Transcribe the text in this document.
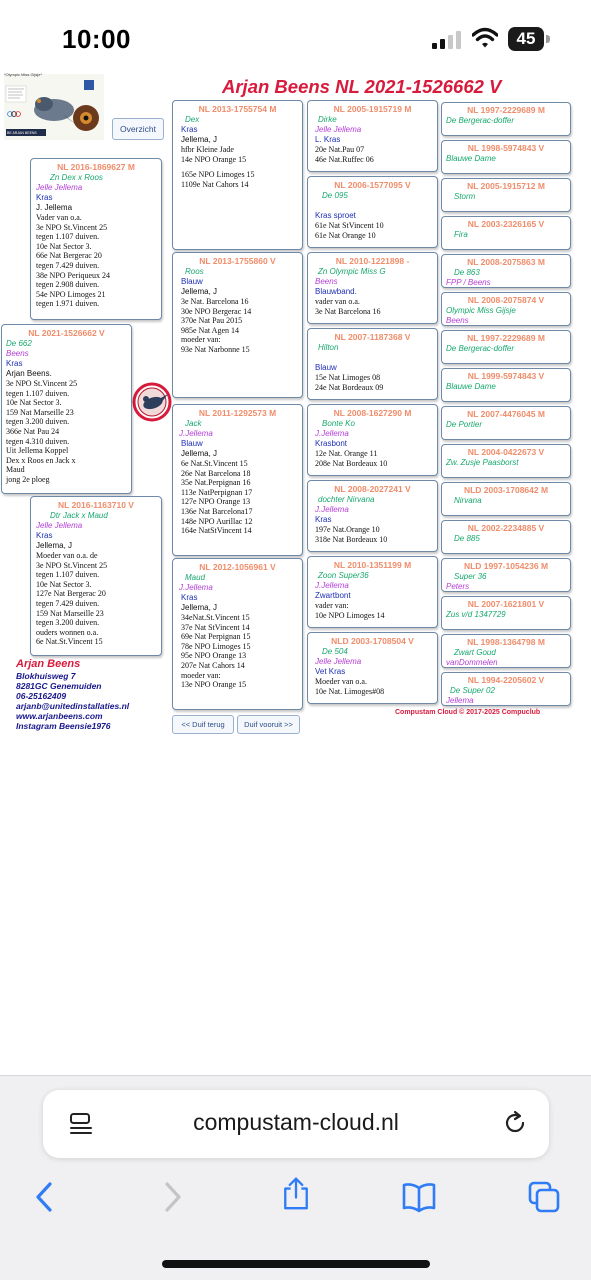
10:00	45
BE ARJAN BEENS
*Olympic Miss Gijsje*
Arjan Beens NL 2021-1526662 V
Overzicht
NL 2021-1526662 V
De 662
Beens
Kras
Arjan Beens.
3e NPO St.Vincent 25
tegen 1.107 duiven.
10e Nat Sector 3.
159 Nat Marseille 23
tegen 3.200 duiven.
366e Nat Pau 24
tegen 4.310 duiven.
Uit Jellema Koppel
Dex x Roos en Jack x
Maud
jong 2e ploeg
NL 2016-1869627 M
Zn Dex x Roos
Jelle Jellema
Kras
J. Jellema
Vader van o.a.
3e NPO St.Vincent 25
tegen 1.107 duiven.
10e Nat Sector 3.
66e Nat Bergerac 20
tegen 7.429 duiven.
38e NPO Periqueux 24
tegen 2.908 duiven.
54e NPO Limoges 21
tegen 1.971 duiven.
NL 2016-1163710 V
Dtr Jack x Maud
Jelle Jellema
Kras
Jellema, J
Moeder van o.a. de
3e NPO St.Vincent 25
tegen 1.107 duiven.
10e Nat Sector 3.
127e Nat Bergerac 20
tegen 7.429 duiven.
159 Nat Marseille 23
tegen 3.200 duiven.
ouders wonnen o.a.
6e Nat.St.Vincent 15
NL 2013-1755754 M
Dex
Kras
Jellema, J
hfbr Kleine Jade
14e NPO Orange 15
165e NPO Limoges 15
1109e Nat Cahors 14
NL 2013-1755860 V
Roos
Blauw
Jellema, J
3e Nat. Barcelona 16
30e NPO Bergerac 14
370e Nat Pau 2015
985e Nat Agen 14
moeder van:
93e Nat Narbonne 15
NL 2011-1292573 M
Jack
J.Jellema
Blauw
Jellema, J
6e Nat.St.Vincent 15
26e Nat Barcelona 18
35e Nat.Perpignan 16
113e NatPerpignan 17
127e NPO Orange 13
136e Nat Barcelona17
148e NPO Aurillac 12
164e NatStVincent 14
NL 2012-1056961 V
Maud
J.Jellema
Kras
Jellema, J
34eNat.St.Vincent 15
37e Nat StVincent 14
69e Nat Perpignan 15
78e NPO Limoges 15
95e NPO Orange 13
207e Nat Cahors 14
moeder van:
13e NPO Orange 15
NL 2005-1915719 M
Dirke
Jelle Jellema
L. Kras
20e Nat.Pau 07
46e Nat.Ruffec 06
NL 2006-1577095 V
De 095
Kras sproet
61e Nat StVincent 10
61e Nat Orange 10
NL 2010-1221898 -
Zn Olympic Miss G
Beens
Blauwband.
vader van o.a.
3e Nat Barcelona 16
NL 2007-1187368 V
Hilton
Blauw
15e Nat Limoges 08
24e Nat Bordeaux 09
NL 2008-1627290 M
Bonte Ko
J.Jellema
Krasbont
12e Nat. Orange 11
208e Nat Bordeaux 10
NL 2008-2027241 V
dochter Nirvana
J.Jellema
Kras
197e Nat.Orange 10
318e Nat Bordeaux 10
NL 2010-1351199 M
Zoon Super36
J.Jellema
Zwartbont
vader van:
10e NPO Limoges 14
NLD 2003-1708504 V
De 504
Jelle Jellema
Vet Kras
Moeder van o.a.
10e Nat. Limoges#08
NL 1997-2229689 M
De Bergerac-doffer
NL 1998-5974843 V
Blauwe Dame
NL 2005-1915712 M
Storm
NL 2003-2326165 V
Fira
NL 2008-2075863 M
De 863
FPP / Beens
NL 2008-2075874 V
Olympic Miss Gijsje
Beens
NL 1997-2229689 M
De Bergerac-doffer
NL 1999-5974843 V
Blauwe Dame
NL 2007-4476045 M
De Portier
NL 2004-0422673 V
Zw. Zusje Paasborst
NLD 2003-1708642 M
Nirvana
NL 2002-2234885 V
De 885
NLD 1997-1054236 M
Super 36
Peters
NL 2007-1621801 V
Zus v/d 1347729
NL 1998-1364798 M
Zwart Goud
vanDommelen
NL 1994-2205602 V
De Super 02
Jellema
Arjan Beens
Blokhuisweg 7
8281GC Genemuiden
06-25162409
arjanb@unitedinstallaties.nl
www.arjanbeens.com
Instagram Beensie1976	<< Duif terug	Duif vooruit >>
Compustam Cloud © 2017-2025 Compuclub
compustam-cloud.nl
